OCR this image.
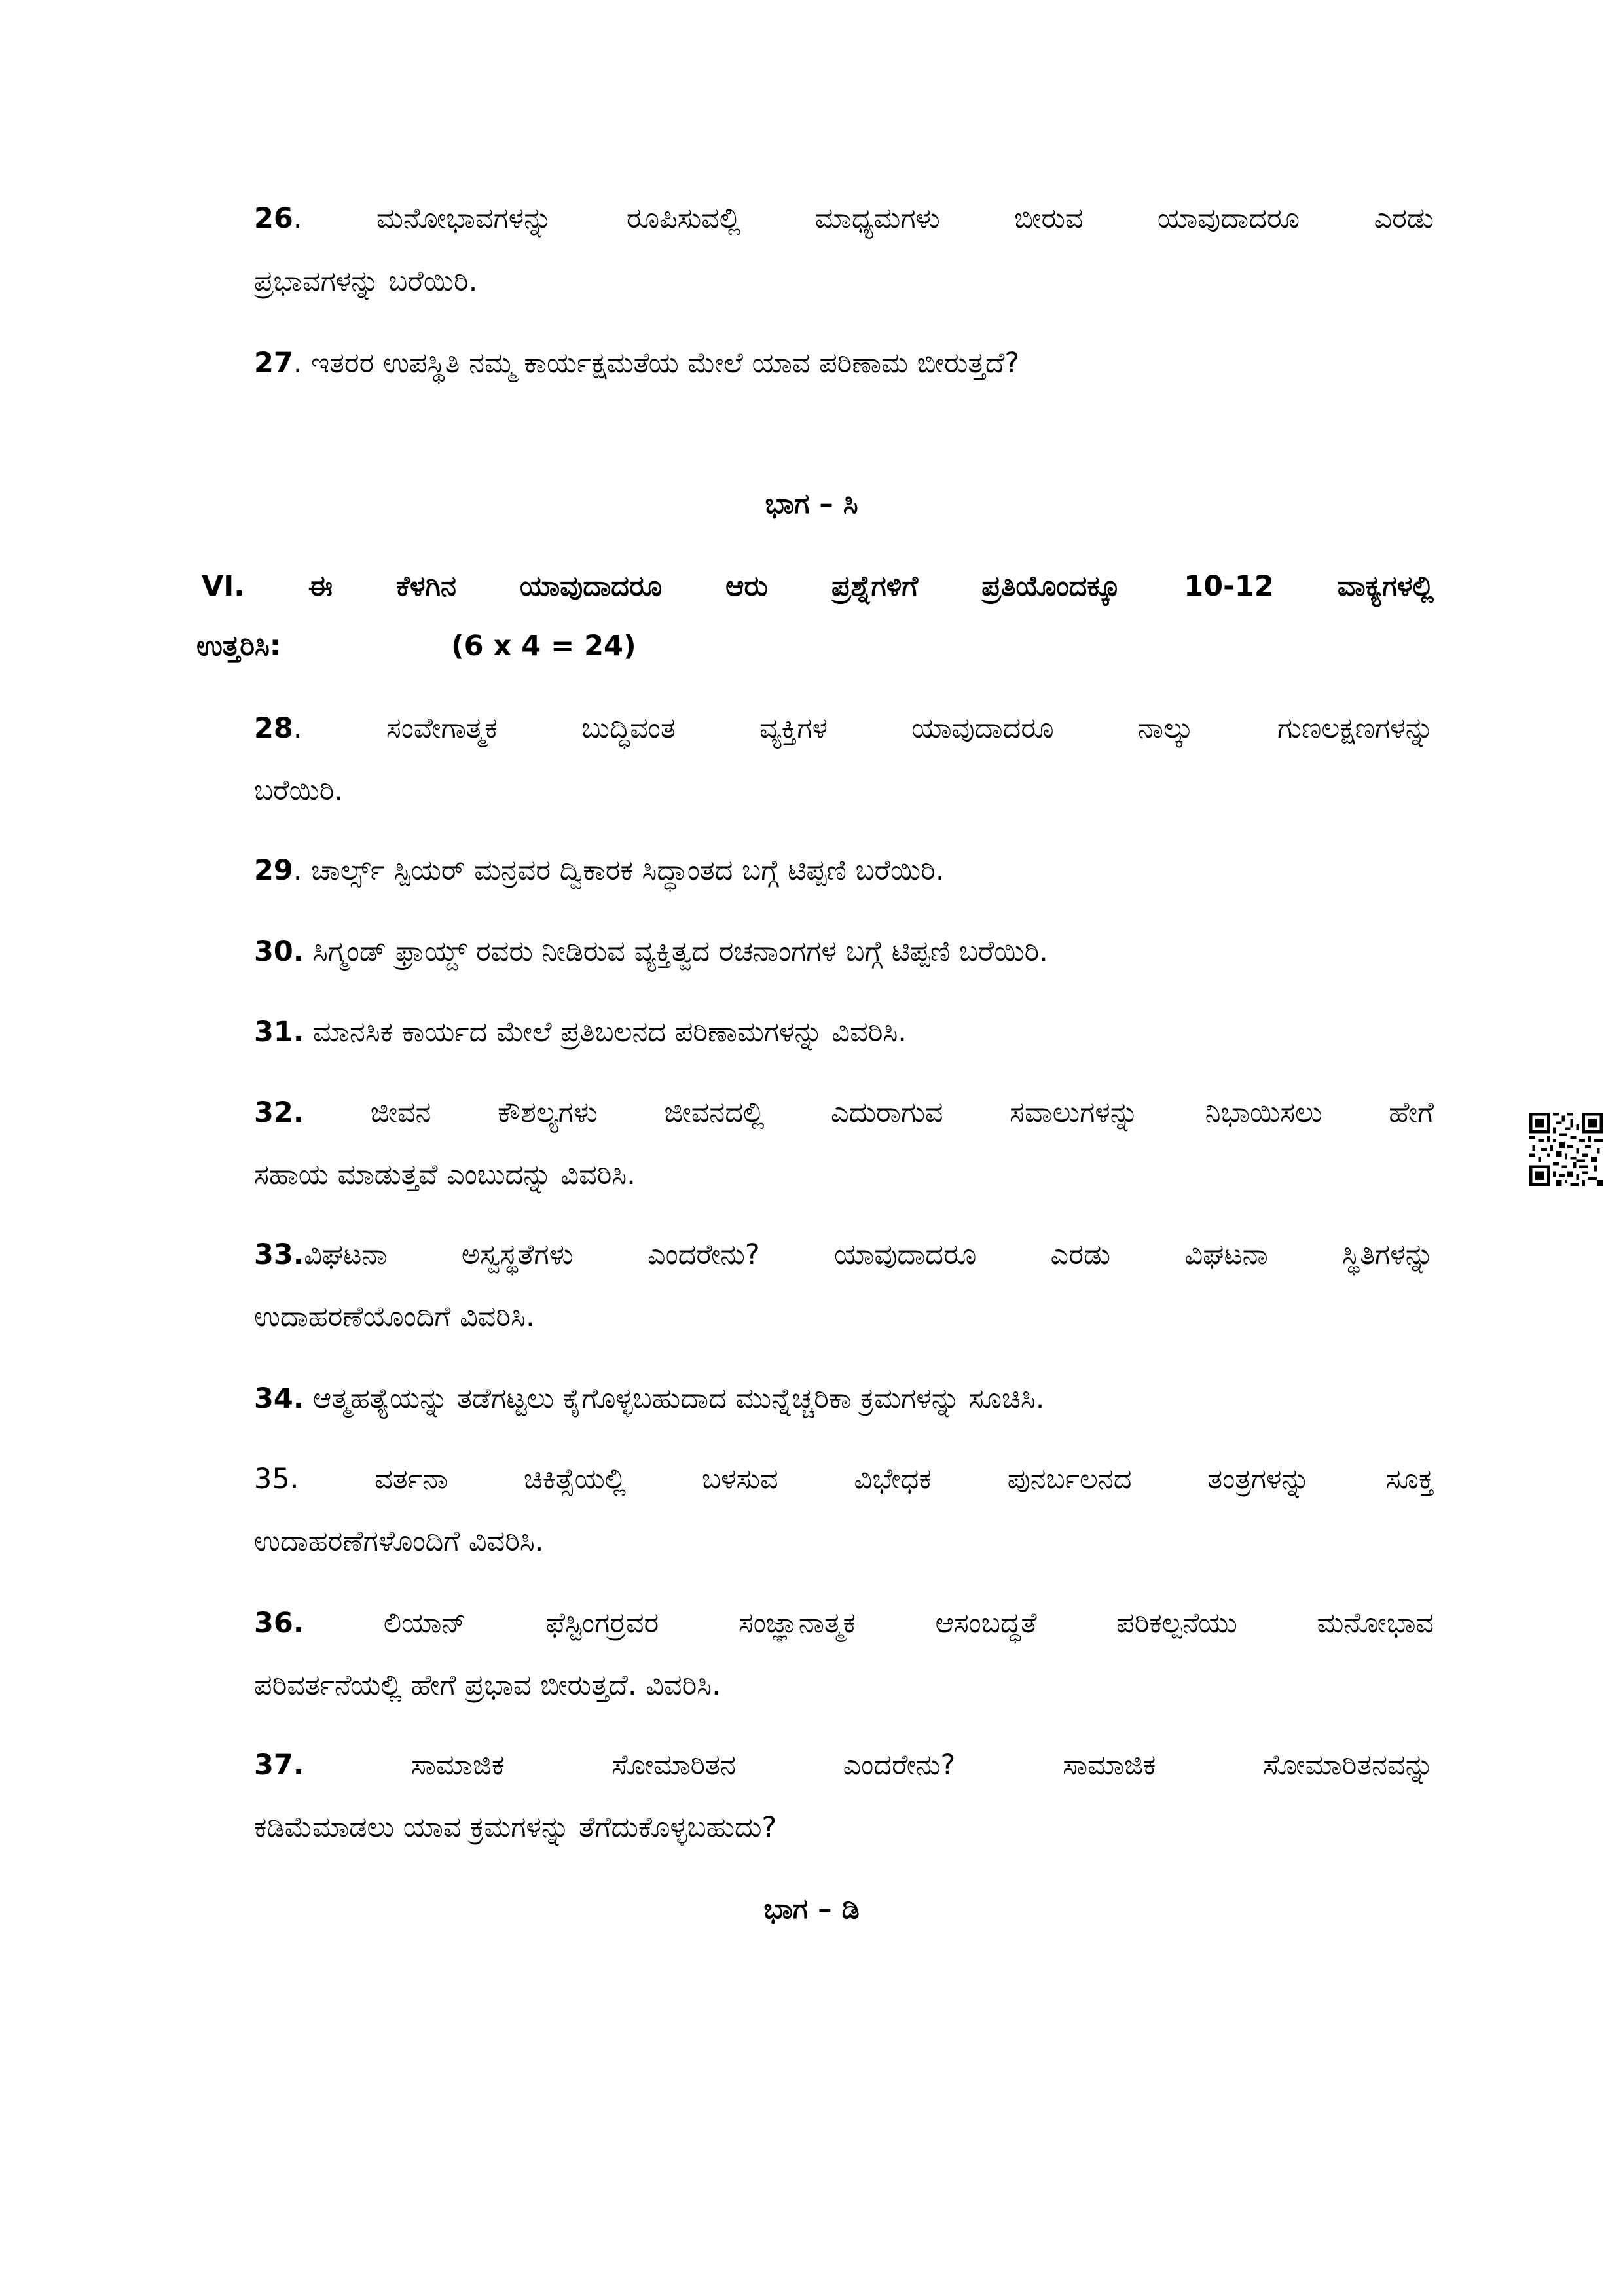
26. ಮನೋಭಾವಗಳನ್ನು ರೂಪಿಸುವಲ್ಲಿ ಮಾಧ್ಯಮಗಳು ಬೀರುವ ಯಾವುದಾದರೂ ಎರಡು

ಪ್ರಭಾವಗಳನ್ನು ಬರೆಯಿರಿ.

27. ಇತರರ ಉಪಸ್ಥಿತಿ ನಮ್ಮ ಕಾರ್ಯಕ್ಷಮತೆಯ ಮೇಲೆ ಯಾವ ಪರಿಣಾಮ ಬೀರುತ್ತದೆ?

ಭಾಗ – ಸಿ

VI. ಈ ಕೆಳಗಿನ ಯಾವುದಾದರೂ ಆರು ಪ್ರಶ್ನೆಗಳಿಗೆ ಪ್ರತಿಯೊಂದಕ್ಕೂ 10-12 ವಾಕ್ಯಗಳಲ್ಲಿ

ಉತ್ತರಿಸಿ:	(6 x 4 = 24)

28. ಸಂವೇಗಾತ್ಮಕ ಬುದ್ಧಿವಂತ ವ್ಯಕ್ತಿಗಳ ಯಾವುದಾದರೂ ನಾಲ್ಕು ಗುಣಲಕ್ಷಣಗಳನ್ನು

ಬರೆಯಿರಿ.

29. ಚಾರ್ಲ್ಸ್ ಸ್ಪಿಯರ್ ಮನ್ರವರ ದ್ವಿಕಾರಕ ಸಿದ್ಧಾಂತದ ಬಗ್ಗೆ ಟಿಪ್ಪಣಿ ಬರೆಯಿರಿ.

30. ಸಿಗ್ಮಂಡ್ ಫ್ರಾಯ್ಡ್ ರವರು ನೀಡಿರುವ ವ್ಯಕ್ತಿತ್ವದ ರಚನಾಂಗಗಳ ಬಗ್ಗೆ ಟಿಪ್ಪಣಿ ಬರೆಯಿರಿ.

31. ಮಾನಸಿಕ ಕಾರ್ಯದ ಮೇಲೆ ಪ್ರತಿಬಲನದ ಪರಿಣಾಮಗಳನ್ನು ವಿವರಿಸಿ.

32. ಜೀವನ ಕೌಶಲ್ಯಗಳು ಜೀವನದಲ್ಲಿ ಎದುರಾಗುವ ಸವಾಲುಗಳನ್ನು ನಿಭಾಯಿಸಲು ಹೇಗೆ

ಸಹಾಯ ಮಾಡುತ್ತವೆ ಎಂಬುದನ್ನು ವಿವರಿಸಿ.

33.ವಿಘಟನಾ ಅಸ್ವಸ್ಥತೆಗಳು ಎಂದರೇನು? ಯಾವುದಾದರೂ ಎರಡು ವಿಘಟನಾ ಸ್ಥಿತಿಗಳನ್ನು

ಉದಾಹರಣೆಯೊಂದಿಗೆ ವಿವರಿಸಿ.

34. ಆತ್ಮಹತ್ಯೆಯನ್ನು ತಡೆಗಟ್ಟಲು ಕೈಗೊಳ್ಳಬಹುದಾದ ಮುನ್ನೆಚ್ಚರಿಕಾ ಕ್ರಮಗಳನ್ನು ಸೂಚಿಸಿ.

35. ವರ್ತನಾ ಚಿಕಿತ್ಸೆಯಲ್ಲಿ ಬಳಸುವ ವಿಭೇಧಕ ಪುನರ್ಬಲನದ ತಂತ್ರಗಳನ್ನು ಸೂಕ್ತ

ಉದಾಹರಣೆಗಳೊಂದಿಗೆ ವಿವರಿಸಿ.

36. ಲಿಯಾನ್ ಫೆಸ್ಟಿಂಗರ್ರವರ ಸಂಜ್ಞಾನಾತ್ಮಕ ಆಸಂಬದ್ಧತೆ ಪರಿಕಲ್ಪನೆಯು ಮನೋಭಾವ

ಪರಿವರ್ತನೆಯಲ್ಲಿ ಹೇಗೆ ಪ್ರಭಾವ ಬೀರುತ್ತದೆ. ವಿವರಿಸಿ.

37. ಸಾಮಾಜಿಕ ಸೋಮಾರಿತನ ಎಂದರೇನು? ಸಾಮಾಜಿಕ ಸೋಮಾರಿತನವನ್ನು

ಕಡಿಮೆಮಾಡಲು ಯಾವ ಕ್ರಮಗಳನ್ನು ತೆಗೆದುಕೊಳ್ಳಬಹುದು?

ಭಾಗ – ಡಿ
